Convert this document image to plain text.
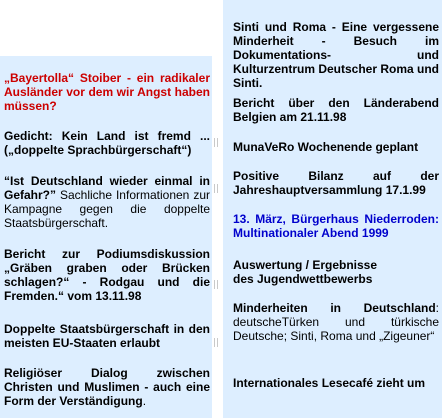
„Bayertolla“ Stoiber - ein radikaler Ausländer vor dem wir Angst haben müssen?
Gedicht: Kein Land ist fremd ... („doppelte Sprachbürgerschaft“)
“Ist Deutschland wieder einmal in Gefahr?” Sachliche Informationen zur Kampagne gegen die doppelte Staatsbürgerschaft.
Bericht zur Podiumsdiskussion „Gräben graben oder Brücken schlagen?“ - Rodgau und die Fremden.“ vom 13.11.98
Doppelte Staatsbürgerschaft in den meisten EU-Staaten erlaubt
Religiöser Dialog zwischen Christen und Muslimen - auch eine Form der Verständigung.
Sinti und Roma - Eine vergessene Minderheit - Besuch im Dokumentations- und Kulturzentrum Deutscher Roma und Sinti.
Bericht über den Länderabend Belgien am 21.11.98
MunaVeRo Wochenende geplant
Positive Bilanz auf der Jahreshauptversammlung 17.1.99
13. März, Bürgerhaus Niederroden: Multinationaler Abend 1999
Auswertung / Ergebnisse
des Jugendwettbewerbs
Minderheiten in Deutschland: deutscheTürken und türkische Deutsche; Sinti, Roma und „Zigeuner“
Internationales Lesecafé zieht um
